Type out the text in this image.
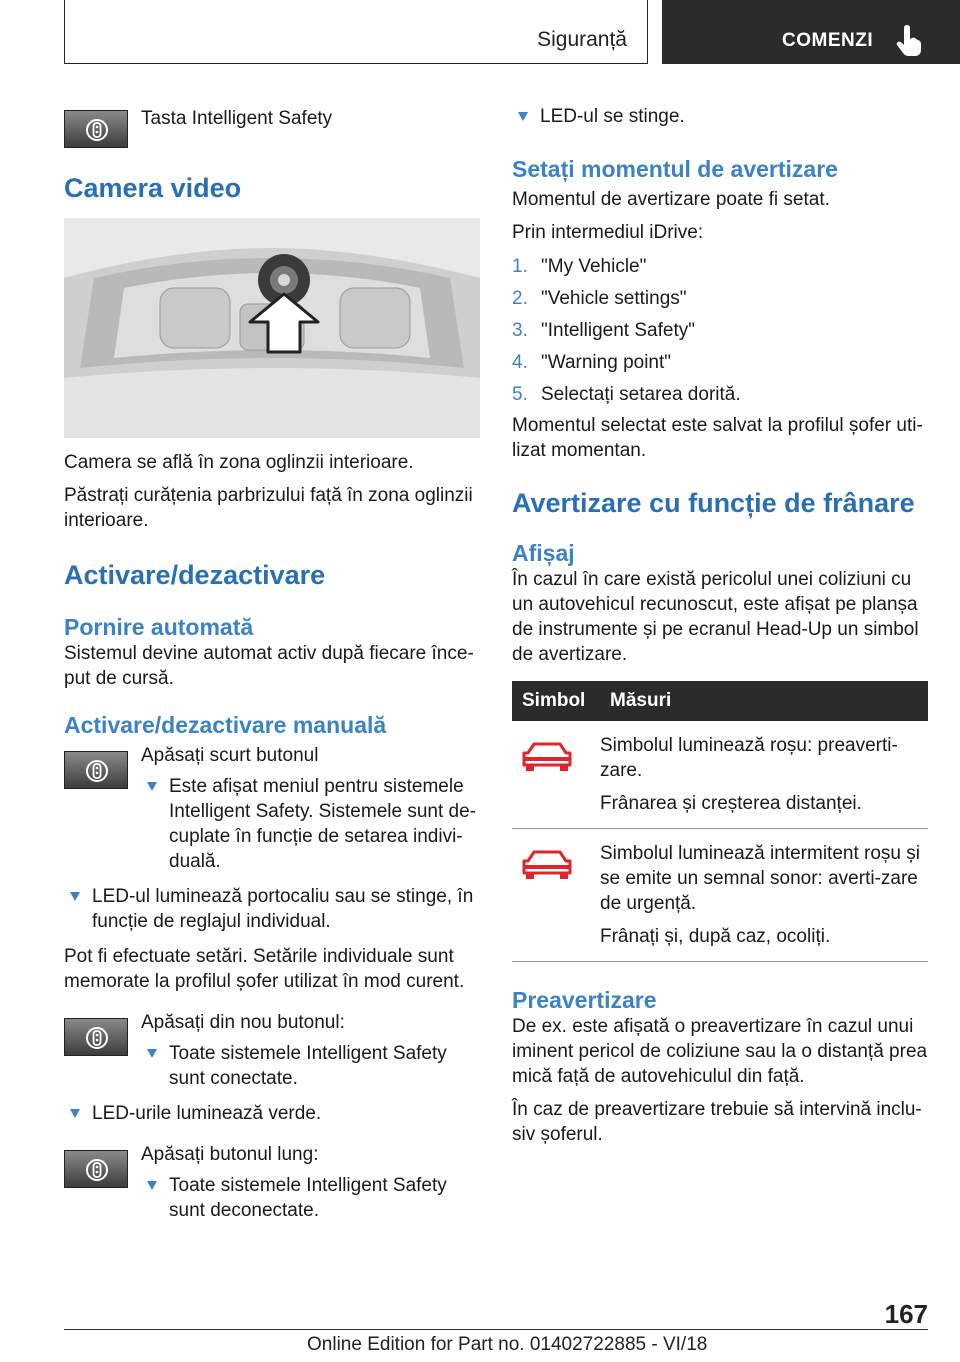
Siguranță	COMENZI

Tasta Intelligent Safety

Camera video

Camera se află în zona oglinzii interioare.

Păstrați curățenia parbrizului față în zona oglinzii interioare.

Activare/dezactivare
Pornire automată

Sistemul devine automat activ după fiecare înce-put de cursă.

Activare/dezactivare manuală

Apăsați scurt butonul

Este afișat meniul pentru sistemele Intelligent Safety. Sistemele sunt de-cuplate în funcție de setarea indivi-duală.
LED-ul luminează portocaliu sau se stinge, în funcție de reglajul individual.

Pot fi efectuate setări. Setările individuale sunt memorate la profilul șofer utilizat în mod curent.

Apăsați din nou butonul:

Toate sistemele Intelligent Safety sunt conectate.
LED-urile luminează verde.

Apăsați butonul lung:

Toate sistemele Intelligent Safety sunt deconectate.
LED-ul se stinge.
Setați momentul de avertizare

Momentul de avertizare poate fi setat.

Prin intermediul iDrive:

1. "My Vehicle"
2. "Vehicle settings"
3. "Intelligent Safety"
4. "Warning point"
5. Selectați setarea dorită.

Momentul selectat este salvat la profilul șofer uti-lizat momentan.

Avertizare cu funcție de frânare
Afișaj

În cazul în care există pericolul unei coliziuni cu un autovehicul recunoscut, este afișat pe planșa de instrumente și pe ecranul Head-Up un simbol de avertizare.

Simbol	Măsuri

Simbolul luminează roșu: preaverti-zare.

Frânarea și creșterea distanței.

Simbolul luminează intermitent roșu și se emite un semnal sonor: averti-zare de urgență.

Frânați și, după caz, ocoliți.

Preavertizare

De ex. este afișată o preavertizare în cazul unui iminent pericol de coliziune sau la o distanță prea mică față de autovehiculul din față.

În caz de preavertizare trebuie să intervină inclu-siv șoferul.

167
Online Edition for Part no. 01402722885 - VI/18
